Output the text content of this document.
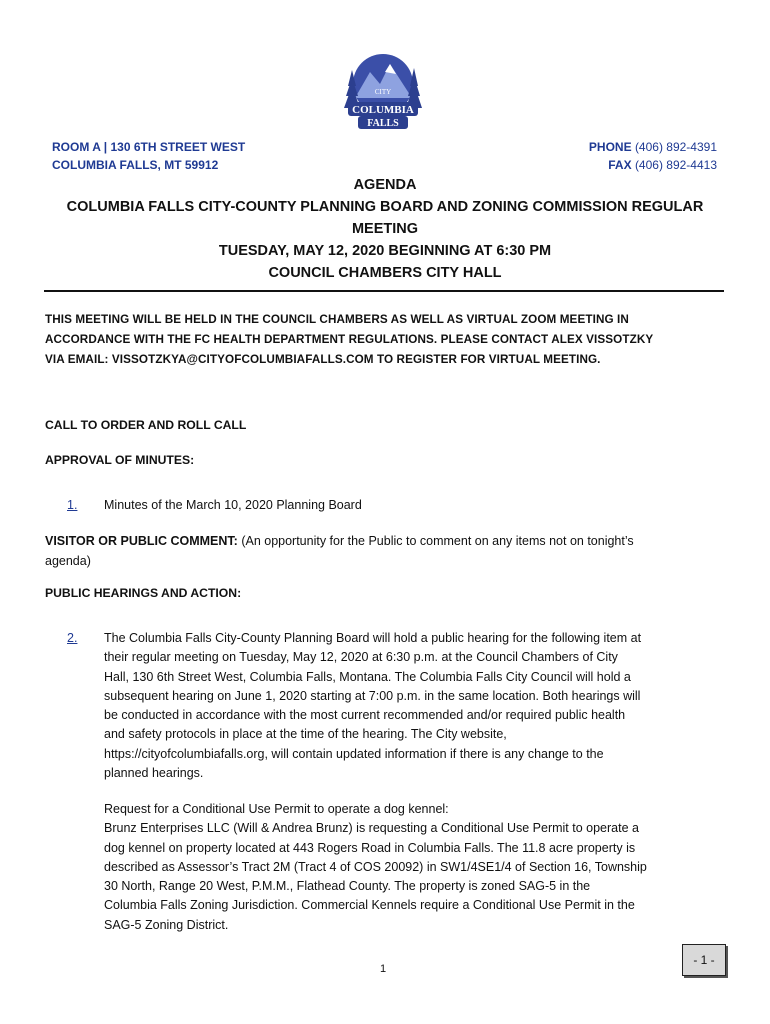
CITY
COLUMBIA
FALLS
ROOM A | 130 6TH STREET WEST
COLUMBIA FALLS, MT 59912
PHONE (406) 892-4391
FAX (406) 892-4413
AGENDA
COLUMBIA FALLS CITY-COUNTY PLANNING BOARD AND ZONING COMMISSION REGULAR
MEETING
TUESDAY, MAY 12, 2020 BEGINNING AT 6:30 PM
COUNCIL CHAMBERS CITY HALL
THIS MEETING WILL BE HELD IN THE COUNCIL CHAMBERS AS WELL AS VIRTUAL ZOOM MEETING IN
ACCORDANCE WITH THE FC HEALTH DEPARTMENT REGULATIONS. PLEASE CONTACT ALEX VISSOTZKY
VIA EMAIL: VISSOTZKYA@CITYOFCOLUMBIAFALLS.COM TO REGISTER FOR VIRTUAL MEETING.
CALL TO ORDER AND ROLL CALL
APPROVAL OF MINUTES:
1. Minutes of the March 10, 2020 Planning Board
VISITOR OR PUBLIC COMMENT: (An opportunity for the Public to comment on any items not on tonight’s
agenda)
PUBLIC HEARINGS AND ACTION:
2. The Columbia Falls City-County Planning Board will hold a public hearing for the following item at
their regular meeting on Tuesday, May 12, 2020 at 6:30 p.m. at the Council Chambers of City
Hall, 130 6th Street West, Columbia Falls, Montana. The Columbia Falls City Council will hold a
subsequent hearing on June 1, 2020 starting at 7:00 p.m. in the same location. Both hearings will
be conducted in accordance with the most current recommended and/or required public health
and safety protocols in place at the time of the hearing. The City website,
https://cityofcolumbiafalls.org, will contain updated information if there is any change to the
planned hearings.
Request for a Conditional Use Permit to operate a dog kennel:
Brunz Enterprises LLC (Will & Andrea Brunz) is requesting a Conditional Use Permit to operate a
dog kennel on property located at 443 Rogers Road in Columbia Falls. The 11.8 acre property is
described as Assessor’s Tract 2M (Tract 4 of COS 20092) in SW1/4SE1/4 of Section 16, Township
30 North, Range 20 West, P.M.M., Flathead County. The property is zoned SAG-5 in the
Columbia Falls Zoning Jurisdiction. Commercial Kennels require a Conditional Use Permit in the
SAG-5 Zoning District.
1
- 1 -
